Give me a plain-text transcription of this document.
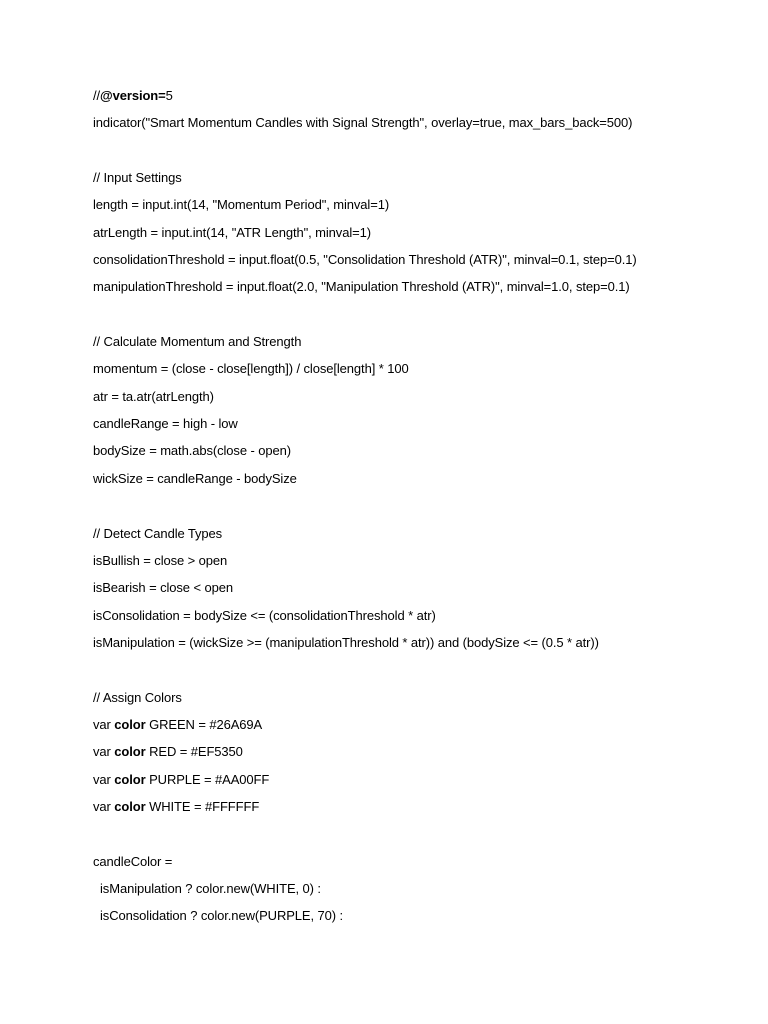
//@version=5
indicator("Smart Momentum Candles with Signal Strength", overlay=true, max_bars_back=500)
// Input Settings
length = input.int(14, "Momentum Period", minval=1)
atrLength = input.int(14, "ATR Length", minval=1)
consolidationThreshold = input.float(0.5, "Consolidation Threshold (ATR)", minval=0.1, step=0.1)
manipulationThreshold = input.float(2.0, "Manipulation Threshold (ATR)", minval=1.0, step=0.1)
// Calculate Momentum and Strength
momentum = (close - close[length]) / close[length] * 100
atr = ta.atr(atrLength)
candleRange = high - low
bodySize = math.abs(close - open)
wickSize = candleRange - bodySize
// Detect Candle Types
isBullish = close > open
isBearish = close < open
isConsolidation = bodySize <= (consolidationThreshold * atr)
isManipulation = (wickSize >= (manipulationThreshold * atr)) and (bodySize <= (0.5 * atr))
// Assign Colors
var color GREEN = #26A69A
var color RED = #EF5350
var color PURPLE = #AA00FF
var color WHITE = #FFFFFF
candleColor =
isManipulation ? color.new(WHITE, 0) :
isConsolidation ? color.new(PURPLE, 70) :
